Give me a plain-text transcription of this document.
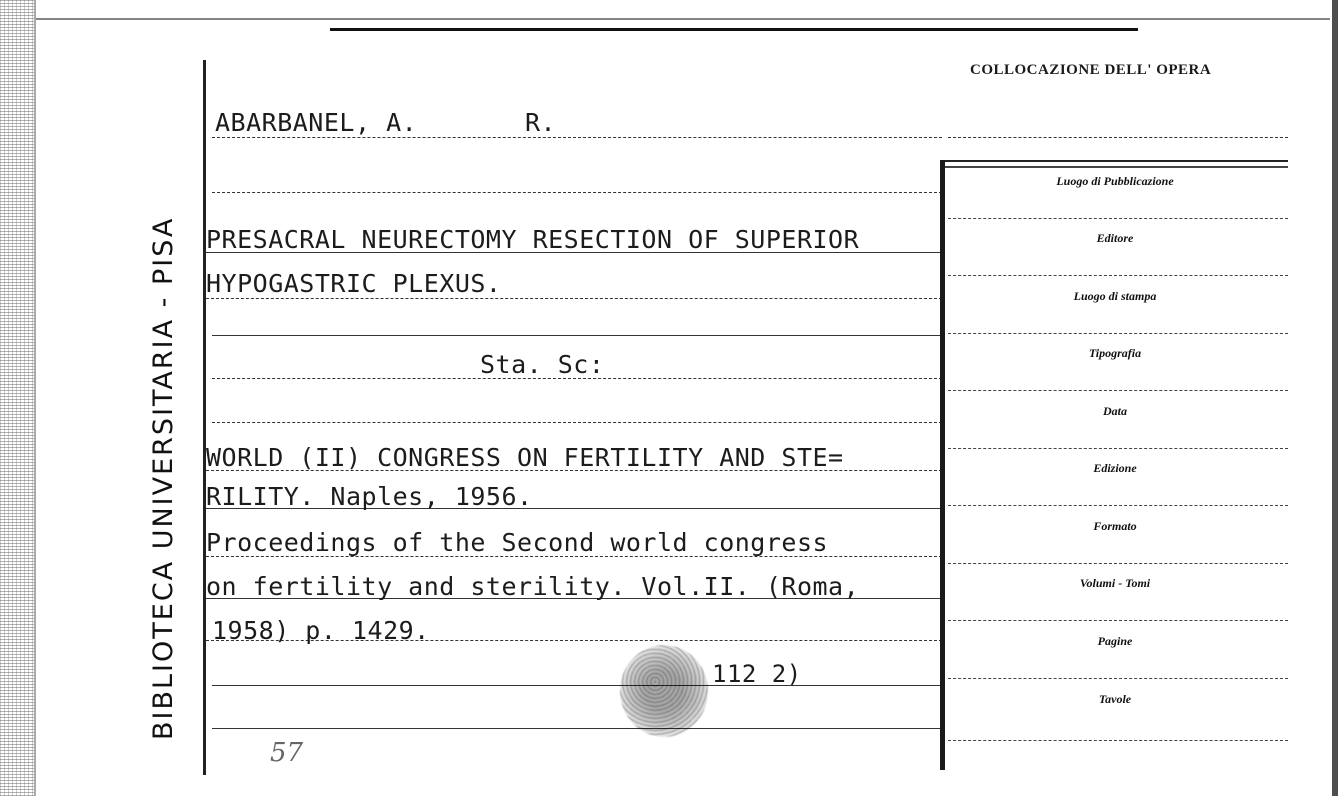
BIBLIOTECA UNIVERSITARIA - PISA
ABARBANEL, A.	R.
PRESACRAL NEURECTOMY RESECTION OF SUPERIOR
HYPOGASTRIC PLEXUS.
Sta. Sc:
WORLD (II) CONGRESS ON FERTILITY AND STE=
RILITY. Naples, 1956.
Proceedings of the Second world congress
on fertility and sterility. Vol.II. (Roma,
1958) p. 1429.
112 2)
57
COLLOCAZIONE DELL' OPERA
Luogo di Pubblicazione
Editore
Luogo di stampa
Tipografia
Data
Edizione
Formato
Volumi - Tomi
Pagine
Tavole
